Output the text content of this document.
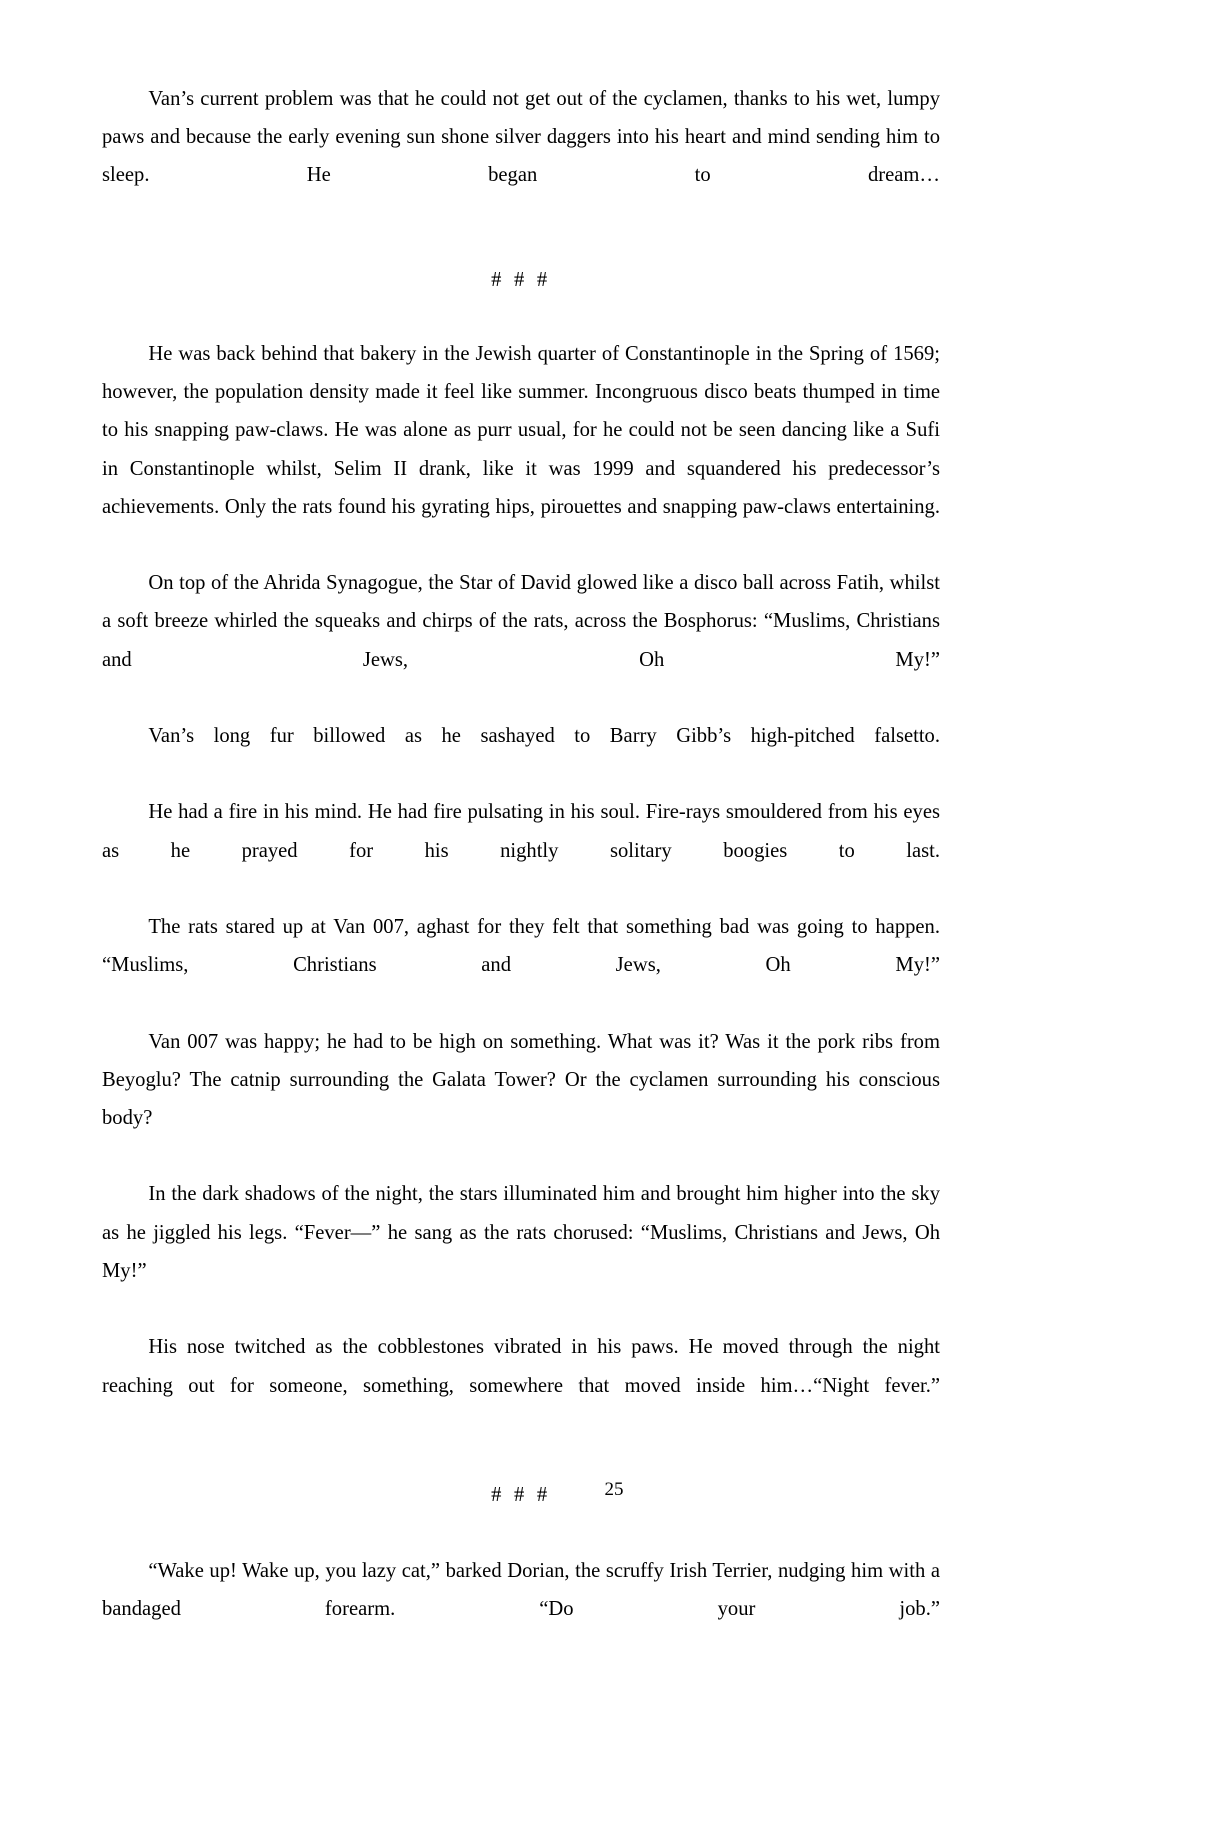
Van’s current problem was that he could not get out of the cyclamen, thanks to his wet, lumpy paws and because the early evening sun shone silver daggers into his heart and mind sending him to sleep. He began to dream…

# # #

He was back behind that bakery in the Jewish quarter of Constantinople in the Spring of 1569; however, the population density made it feel like summer. Incongruous disco beats thumped in time to his snapping paw-claws. He was alone as purr usual, for he could not be seen dancing like a Sufi in Constantinople whilst, Selim II drank, like it was 1999 and squandered his predecessor’s achievements. Only the rats found his gyrating hips, pirouettes and snapping paw-claws entertaining.

On top of the Ahrida Synagogue, the Star of David glowed like a disco ball across Fatih, whilst a soft breeze whirled the squeaks and chirps of the rats, across the Bosphorus: “Muslims, Christians and Jews, Oh My!”

Van’s long fur billowed as he sashayed to Barry Gibb’s high-pitched falsetto.

He had a fire in his mind. He had fire pulsating in his soul. Fire-rays smouldered from his eyes as he prayed for his nightly solitary boogies to last.

The rats stared up at Van 007, aghast for they felt that something bad was going to happen. “Muslims, Christians and Jews, Oh My!”

Van 007 was happy; he had to be high on something. What was it? Was it the pork ribs from Beyoglu? The catnip surrounding the Galata Tower? Or the cyclamen surrounding his conscious body?

In the dark shadows of the night, the stars illuminated him and brought him higher into the sky as he jiggled his legs. “Fever—” he sang as the rats chorused: “Muslims, Christians and Jews, Oh My!”

His nose twitched as the cobblestones vibrated in his paws. He moved through the night reaching out for someone, something, somewhere that moved inside him…“Night fever.”

# # #

“Wake up! Wake up, you lazy cat,” barked Dorian, the scruffy Irish Terrier, nudging him with a bandaged forearm. “Do your job.”

25
